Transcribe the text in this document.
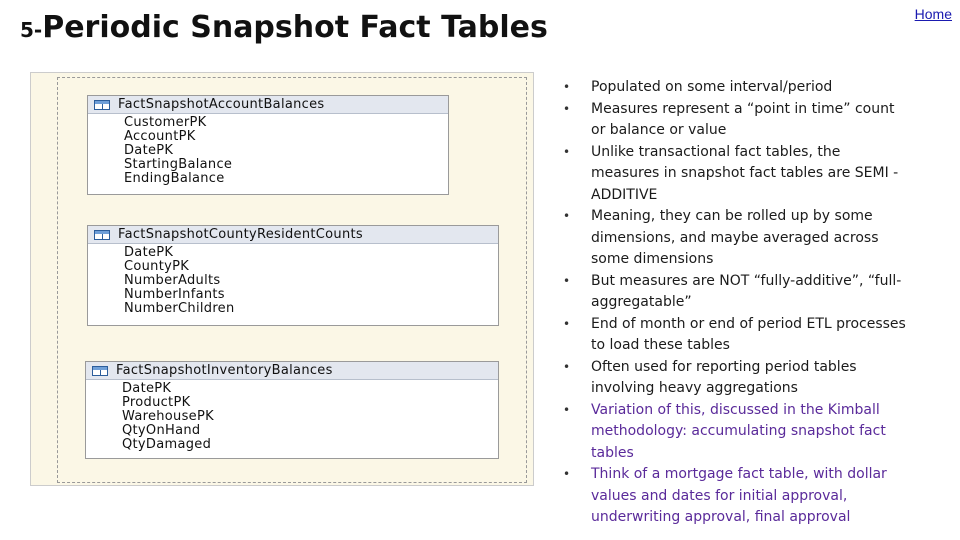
Home
5-Periodic Snapshot Fact Tables
FactSnapshotAccountBalances
CustomerPK
AccountPK
DatePK
StartingBalance
EndingBalance
FactSnapshotCountyResidentCounts
DatePK
CountyPK
NumberAdults
NumberInfants
NumberChildren
FactSnapshotInventoryBalances
DatePK
ProductPK
WarehousePK
QtyOnHand
QtyDamaged
• Populated on some interval/period
• Measures represent a “point in time” count or balance or value
• Unlike transactional fact tables, the measures in snapshot fact tables are SEMI -ADDITIVE
• Meaning, they can be rolled up by some dimensions, and maybe averaged across some dimensions
• But measures are NOT “fully-additive”, “full-aggregatable”
• End of month or end of period ETL processes to load these tables
• Often used for reporting period tables involving heavy aggregations
• Variation of this, discussed in the Kimball methodology: accumulating snapshot fact tables
• Think of a mortgage fact table, with dollar values and dates for initial approval, underwriting approval, final approval
